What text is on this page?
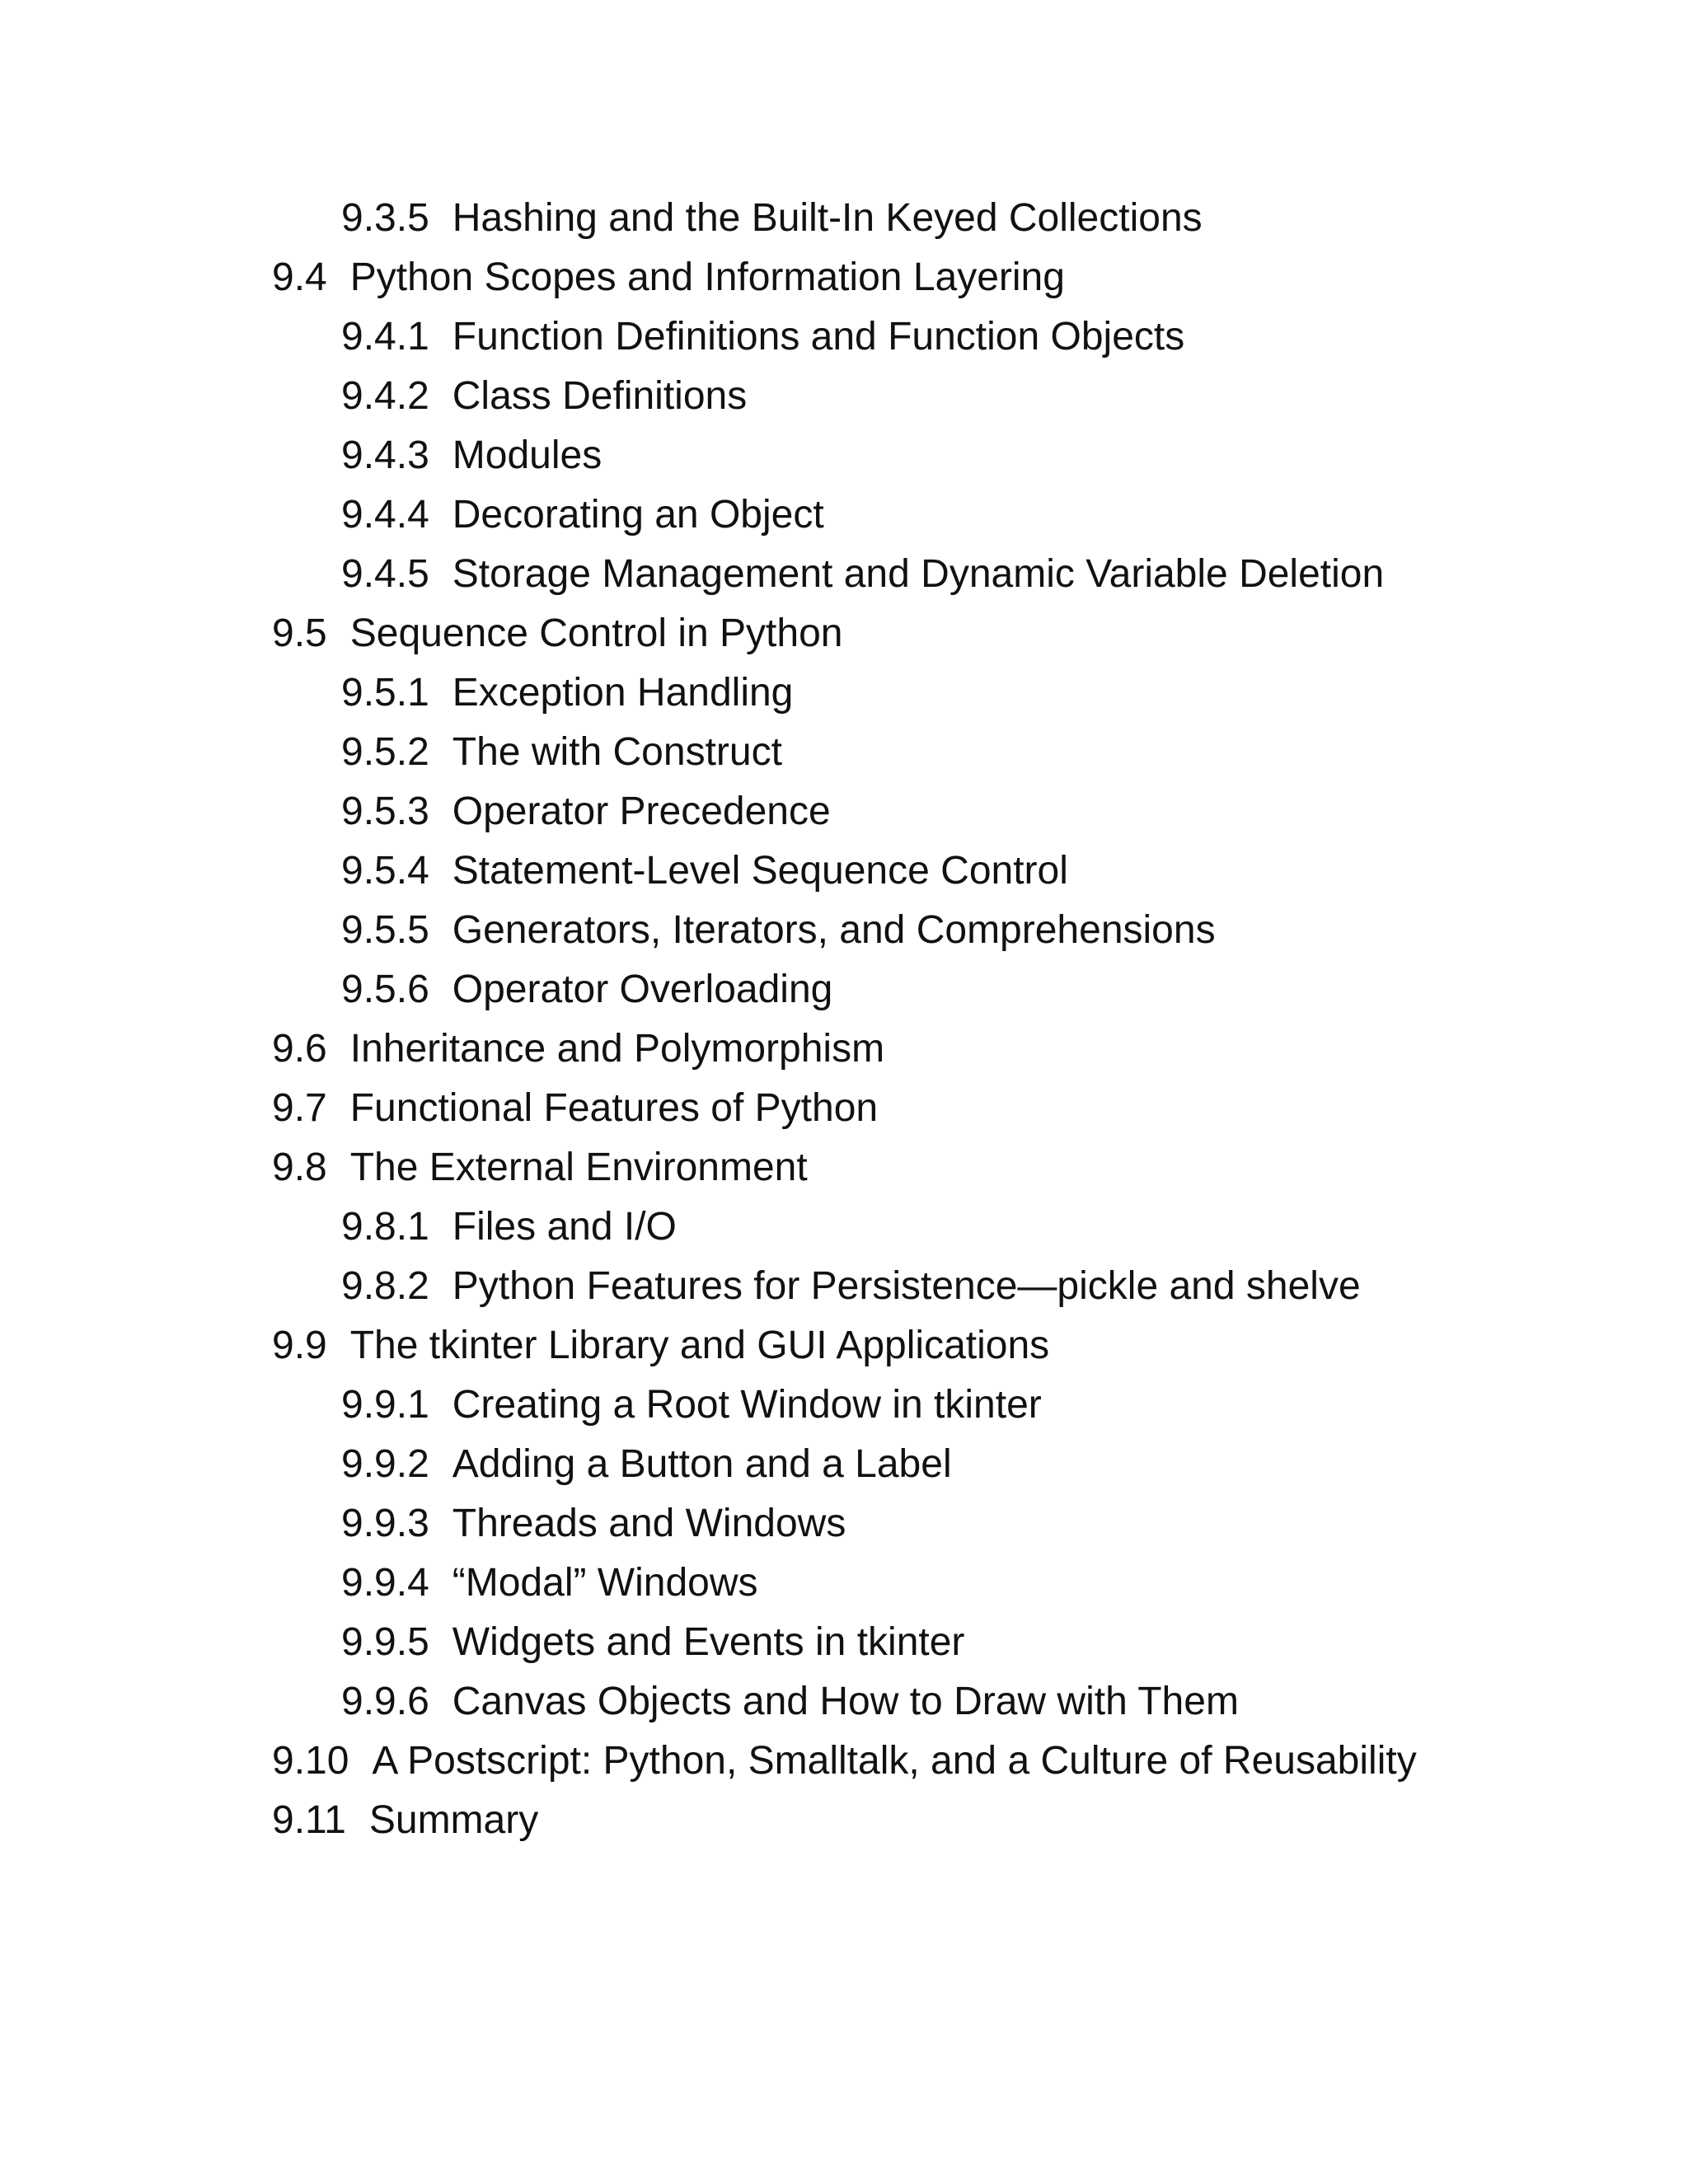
9.3.5 Hashing and the Built-In Keyed Collections
9.4 Python Scopes and Information Layering
9.4.1 Function Definitions and Function Objects
9.4.2 Class Definitions
9.4.3 Modules
9.4.4 Decorating an Object
9.4.5 Storage Management and Dynamic Variable Deletion
9.5 Sequence Control in Python
9.5.1 Exception Handling
9.5.2 The with Construct
9.5.3 Operator Precedence
9.5.4 Statement-Level Sequence Control
9.5.5 Generators, Iterators, and Comprehensions
9.5.6 Operator Overloading
9.6 Inheritance and Polymorphism
9.7 Functional Features of Python
9.8 The External Environment
9.8.1 Files and I/O
9.8.2 Python Features for Persistence—pickle and shelve
9.9 The tkinter Library and GUI Applications
9.9.1 Creating a Root Window in tkinter
9.9.2 Adding a Button and a Label
9.9.3 Threads and Windows
9.9.4 “Modal” Windows
9.9.5 Widgets and Events in tkinter
9.9.6 Canvas Objects and How to Draw with Them
9.10 A Postscript: Python, Smalltalk, and a Culture of Reusability
9.11 Summary
